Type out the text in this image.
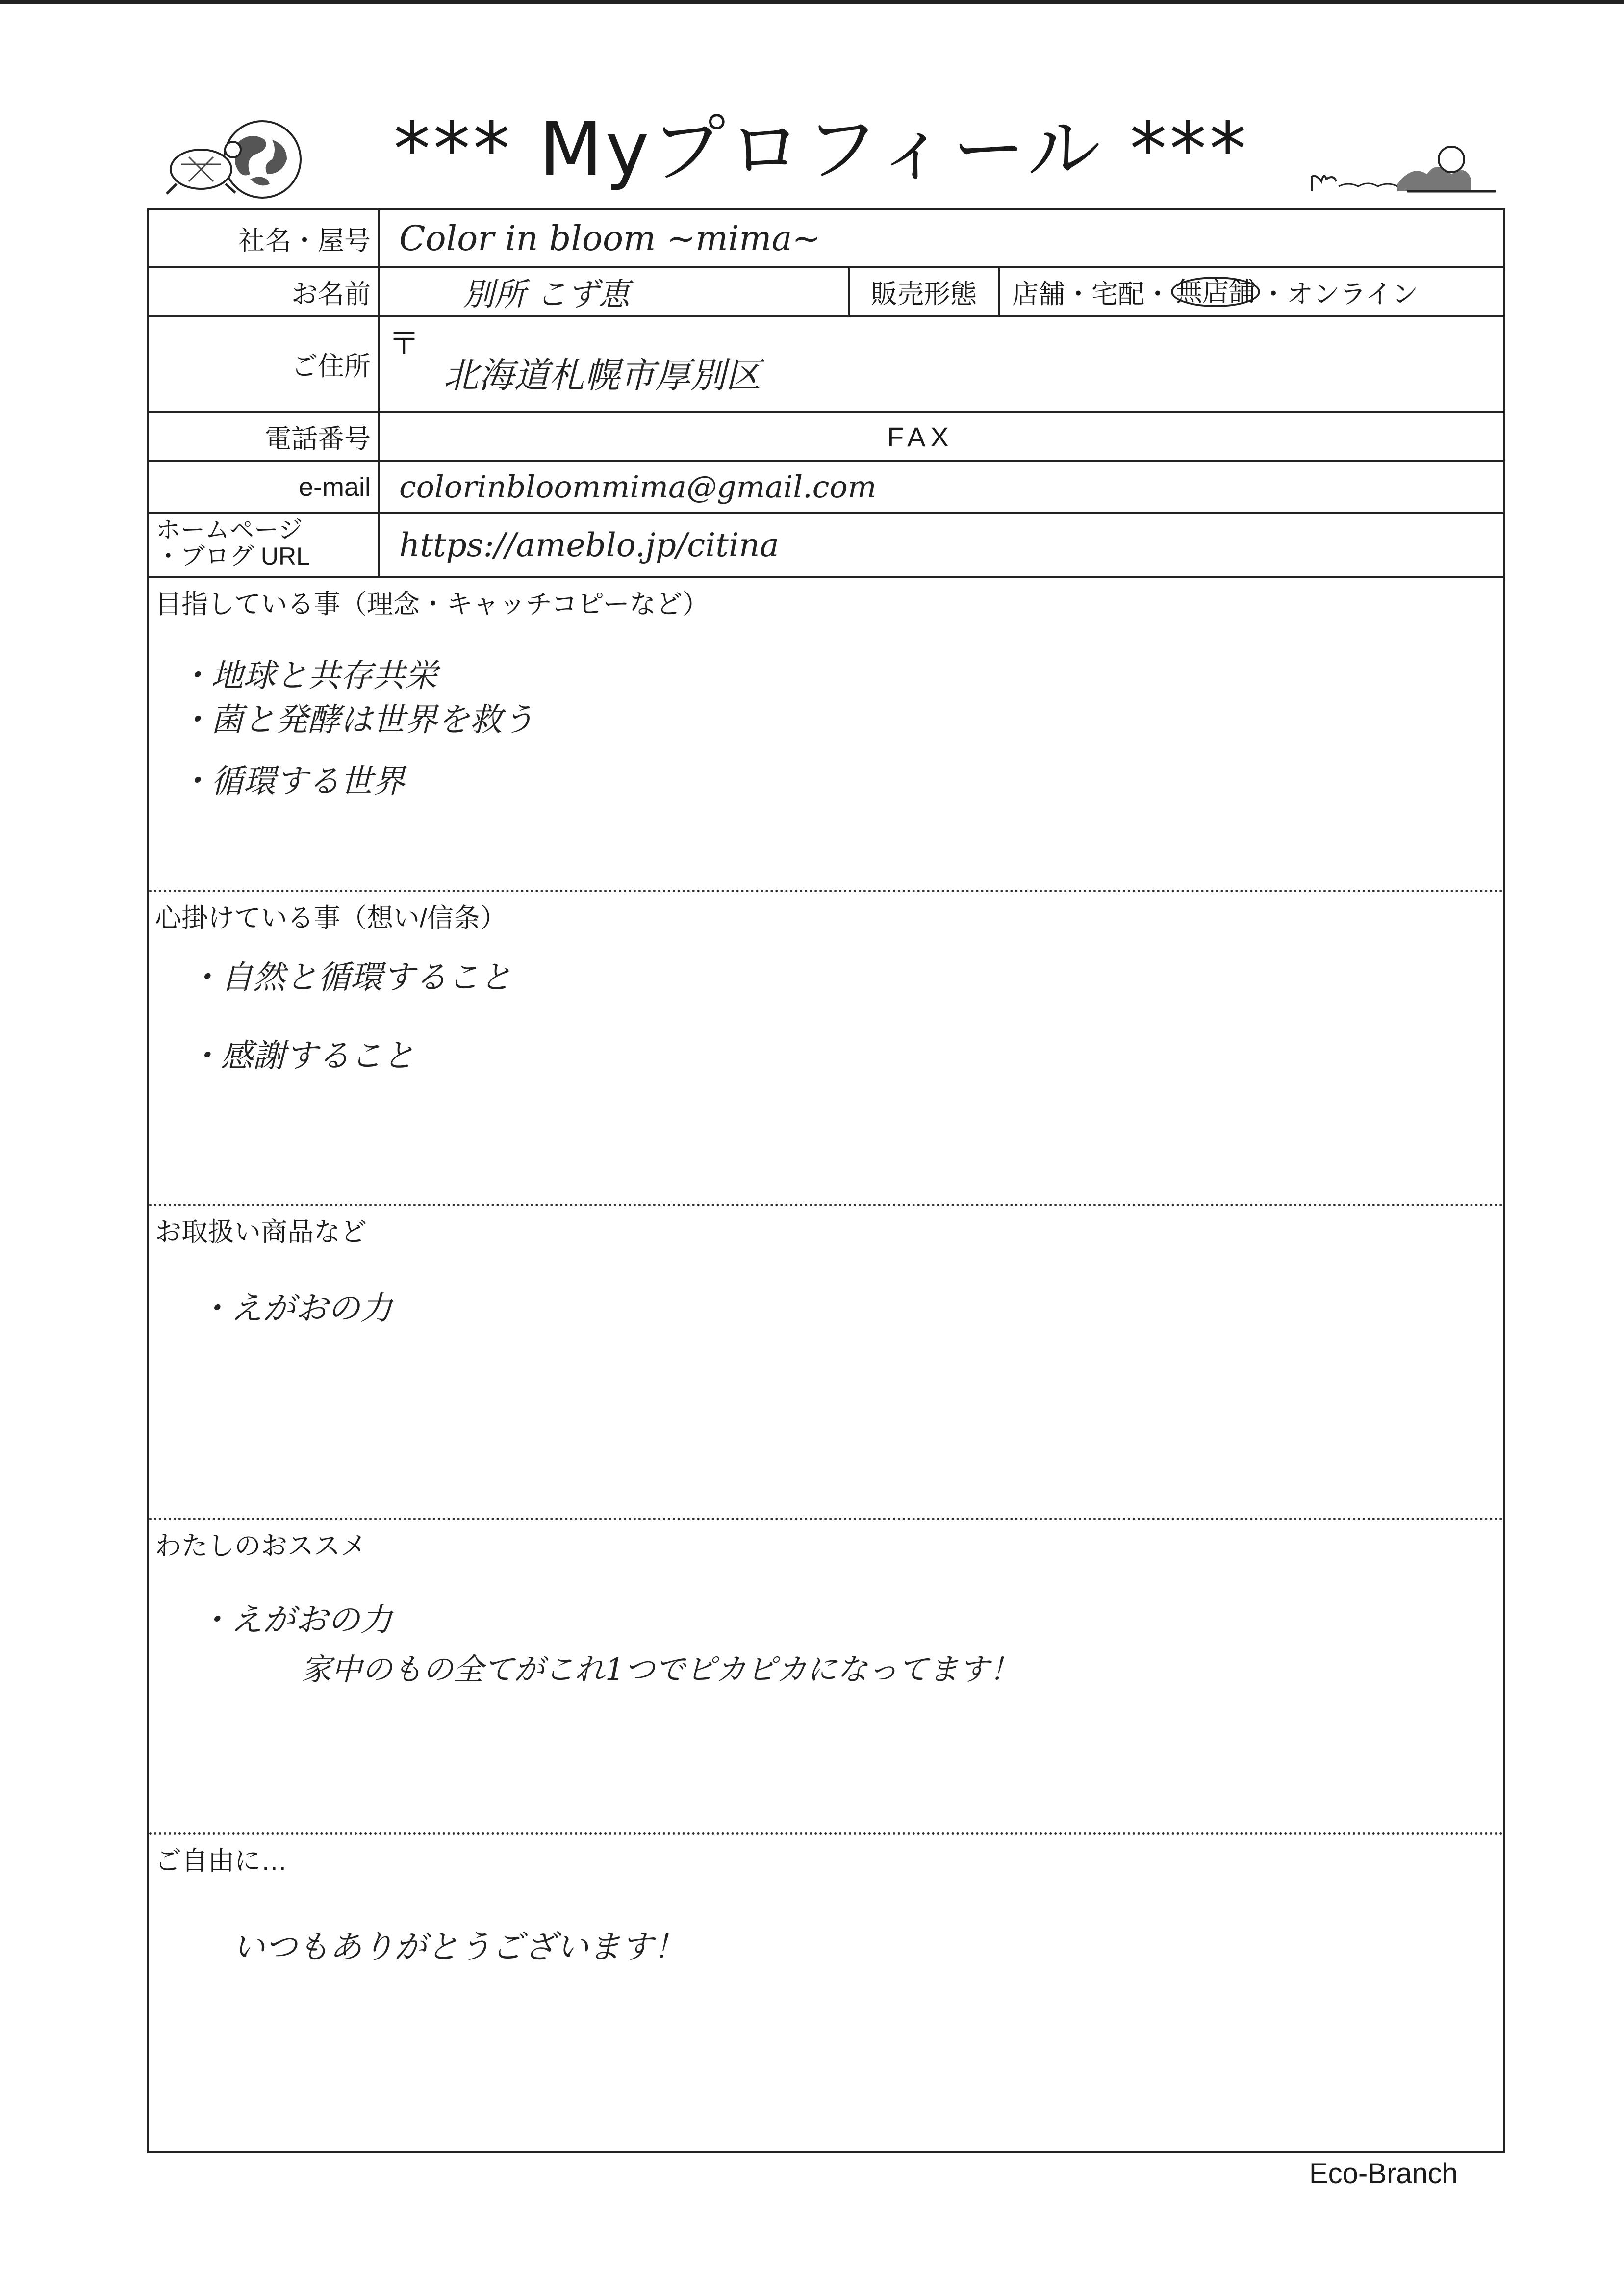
*** Myプロフィール ***
社名・屋号 Color in bloom ~mima~
お名前	別所 こず恵	販売形態	店舗・宅配・ 無店舗 ・オンライン
ご住所
〒
北海道札幌市厚別区
電話番号	FAX
e-mail colorinbloommima@gmail.com
ホームページ
・ブログ URL	https://ameblo.jp/citina
目指している事（理念・キャッチコピーなど）
・地球と共存共栄
・菌と発酵は世界を救う
・循環する世界
心掛けている事（想い/信条）
・自然と循環すること
・感謝すること
お取扱い商品など
・えがおの力
わたしのおススメ
・えがおの力
家中のもの全てがこれ1つでピカピカになってます！
ご自由に…
いつもありがとうございます！
Eco-Branch
